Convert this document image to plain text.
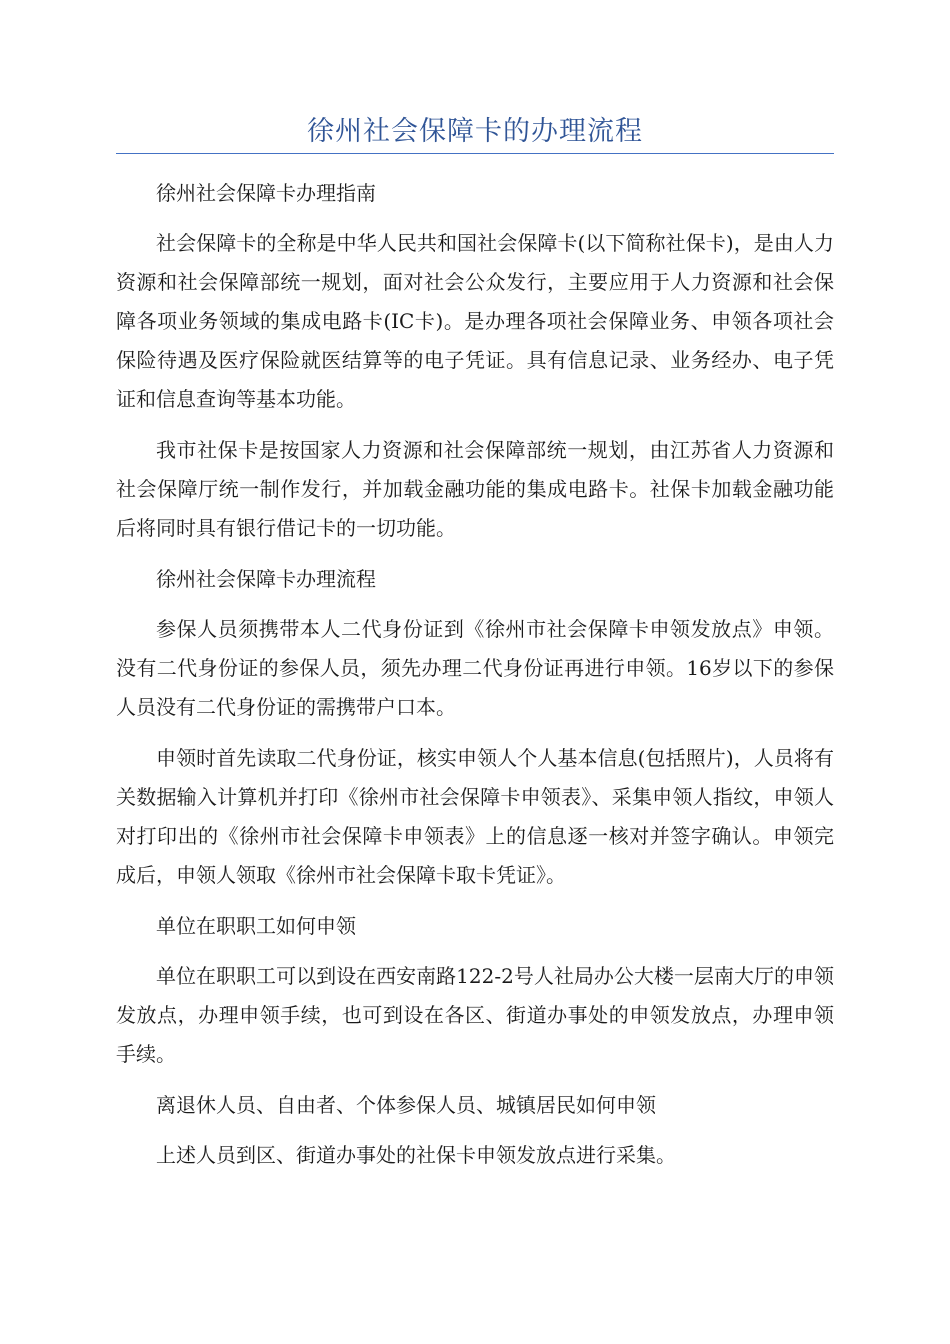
徐州社会保障卡的办理流程

徐州社会保障卡办理指南

社会保障卡的全称是中华人民共和国社会保障卡(以下简称社保卡)，是由人力资源和社会保障部统一规划，面对社会公众发行，主要应用于人力资源和社会保障各项业务领域的集成电路卡(IC卡)。是办理各项社会保障业务、申领各项社会保险待遇及医疗保险就医结算等的电子凭证。具有信息记录、业务经办、电子凭证和信息查询等基本功能。

我市社保卡是按国家人力资源和社会保障部统一规划，由江苏省人力资源和社会保障厅统一制作发行，并加载金融功能的集成电路卡。社保卡加载金融功能后将同时具有银行借记卡的一切功能。

徐州社会保障卡办理流程

参保人员须携带本人二代身份证到《徐州市社会保障卡申领发放点》申领。没有二代身份证的参保人员，须先办理二代身份证再进行申领。16岁以下的参保人员没有二代身份证的需携带户口本。

申领时首先读取二代身份证，核实申领人个人基本信息(包括照片)，人员将有关数据输入计算机并打印《徐州市社会保障卡申领表》、采集申领人指纹，申领人对打印出的《徐州市社会保障卡申领表》上的信息逐一核对并签字确认。申领完成后，申领人领取《徐州市社会保障卡取卡凭证》。

单位在职职工如何申领

单位在职职工可以到设在西安南路122-2号人社局办公大楼一层南大厅的申领发放点，办理申领手续，也可到设在各区、街道办事处的申领发放点，办理申领手续。

离退休人员、自由者、个体参保人员、城镇居民如何申领

上述人员到区、街道办事处的社保卡申领发放点进行采集。
